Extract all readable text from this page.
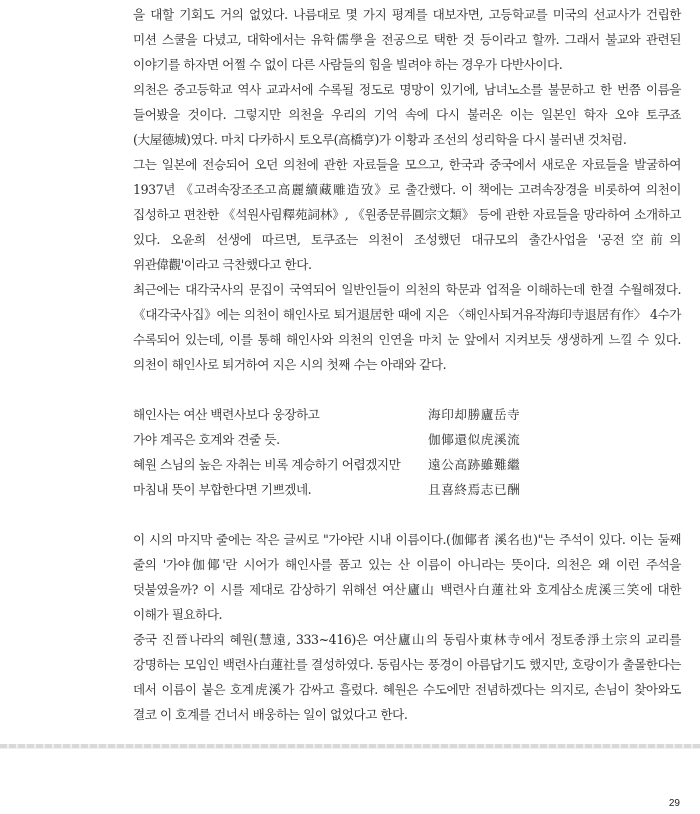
을 대할 기회도 거의 없었다. 나름대로 몇 가지 평계를 대보자면, 고등학교를 미국의 선교사가 건립한 미션 스쿨을 다녔고, 대학에서는 유학儒學을 전공으로 택한 것 등이라고 할까. 그래서 불교와 관련된 이야기를 하자면 어쩔 수 없이 다른 사람들의 힘을 빌려야 하는 경우가 다반사이다.

의천은 중고등학교 역사 교과서에 수록될 정도로 명망이 있기에, 남녀노소를 불문하고 한 번쯤 이름을 들어봤을 것이다. 그렇지만 의천을 우리의 기억 속에 다시 불러온 이는 일본인 학자 오야 토쿠죠(大屋德城)였다. 마치 다카하시 토오루(高橋亨)가 이황과 조선의 성리학을 다시 불러낸 것처럼.

그는 일본에 전승되어 오던 의천에 관한 자료들을 모으고, 한국과 중국에서 새로운 자료들을 발굴하여 1937년 《고려속장조조고高麗續藏雕造攷》로 출간했다. 이 책에는 고려속장경을 비롯하여 의천이 집성하고 편찬한 《석원사림釋苑詞林》, 《원종문류圓宗文類》 등에 관한 자료들을 망라하여 소개하고 있다. 오윤희 선생에 따르면, 토쿠죠는 의천이 조성했던 대규모의 출간사업을 '공전空前의 위관偉觀'이라고 극찬했다고 한다.

최근에는 대각국사의 문집이 국역되어 일반인들이 의천의 학문과 업적을 이해하는데 한결 수월해졌다. 《대각국사집》에는 의천이 해인사로 퇴거退居한 때에 지은 〈해인사퇴거유작海印寺退居有作〉 4수가 수록되어 있는데, 이를 통해 해인사와 의천의 인연을 마치 눈 앞에서 지켜보듯 생생하게 느낄 수 있다. 의천이 해인사로 퇴거하여 지은 시의 첫째 수는 아래와 같다.

해인사는 여산 백련사보다 웅장하고	海印却勝廬岳寺
가야 계곡은 호계와 견줄 듯.	伽倻還似虎溪流
혜원 스님의 높은 자취는 비록 계승하기 어렵겠지만	遠公高跡雖難繼
마침내 뜻이 부합한다면 기쁘겠네.	且喜終焉志已酬

이 시의 마지막 줄에는 작은 글씨로 "가야란 시내 이름이다.(伽倻者 溪名也)"는 주석이 있다. 이는 둘째 줄의 '가야伽倻'란 시어가 해인사를 품고 있는 산 이름이 아니라는 뜻이다. 의천은 왜 이런 주석을 덧붙였을까? 이 시를 제대로 감상하기 위해선 여산廬山 백련사白蓮社와 호계삼소虎溪三笑에 대한 이해가 필요하다.

중국 진晉나라의 혜원(慧遠, 333~416)은 여산廬山의 동림사東林寺에서 정토종淨土宗의 교리를 강명하는 모임인 백련사白蓮社를 결성하였다. 동림사는 풍경이 아름답기도 했지만, 호랑이가 출몰한다는 데서 이름이 붙은 호계虎溪가 감싸고 흘렀다. 혜원은 수도에만 전념하겠다는 의지로, 손님이 찾아와도 결코 이 호계를 건너서 배웅하는 일이 없었다고 한다.

29
